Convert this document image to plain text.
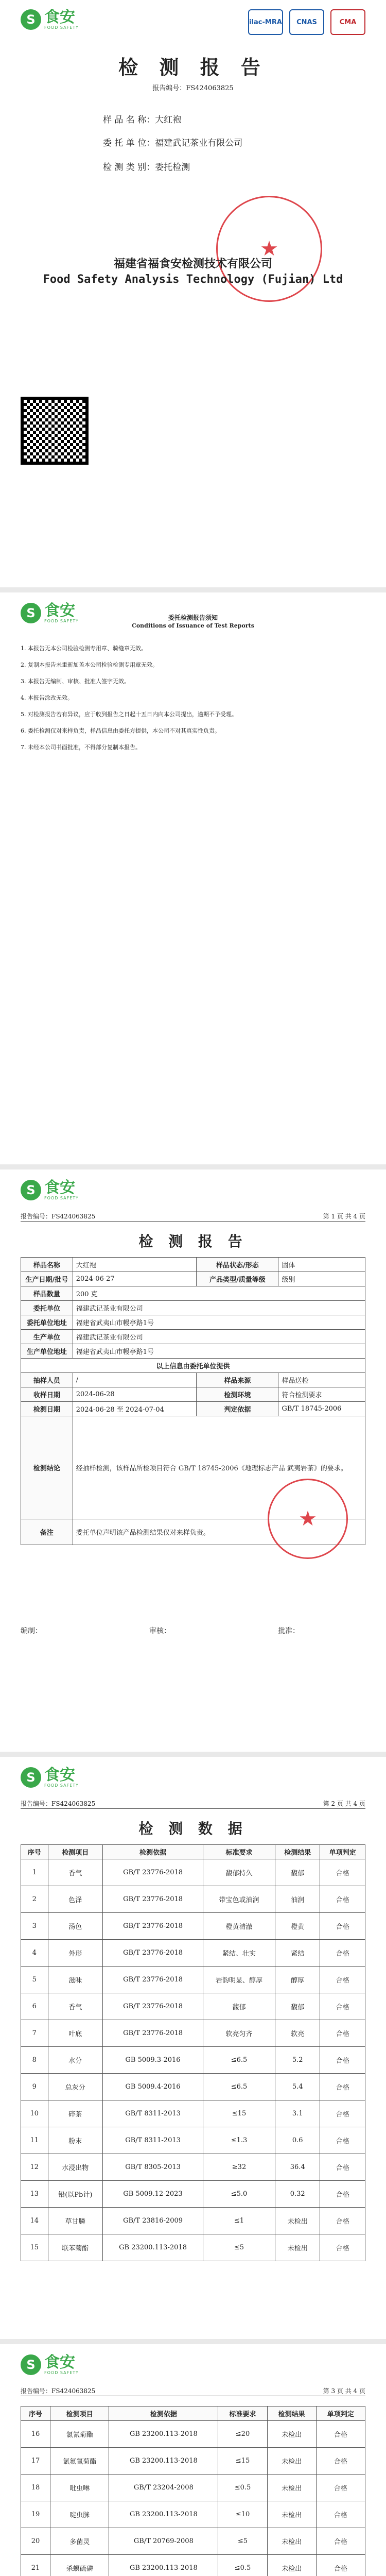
S 食安
FOOD SAFETY
ilac-MRA	CNAS	CMA
检 测 报 告
报告编号：FS424063825
样 品 名 称：大红袍
委 托 单 位：福建武记茶业有限公司
检 测 类 别：委托检测
★
福建省福食安检测技术有限公司
Food Safety Analysis Technology (Fujian) Ltd
S 食安
FOOD SAFETY	委托检测报告须知
Conditions of Issuance of Test Reports

1. 本报告无本公司检验检测专用章、骑缝章无效。

2. 复制本报告未重新加盖本公司检验检测专用章无效。

3. 本报告无编制、审核、批准人签字无效。

4. 本报告涂改无效。

5. 对检测报告若有异议，应于收到报告之日起十五日内向本公司提出，逾期不予受理。

6. 委托检测仅对来样负责，样品信息由委托方提供，本公司不对其真实性负责。

7. 未经本公司书面批准，不得部分复制本报告。

S 食安
FOOD SAFETY
报告编号：FS424063825	第 1 页 共 4 页
检 测 报 告
样品名称	大红袍	样品状态/形态	固体
生产日期/批号	2024-06-27	产品类型/质量等级	级别
样品数量	200 克		
委托单位	福建武记茶业有限公司		
委托单位地址	福建省武夷山市幔亭路1号		
生产单位	福建武记茶业有限公司		
生产单位地址	福建省武夷山市幔亭路1号		
以上信息由委托单位提供			
抽样人员	/	样品来源	样品送检
收样日期	2024-06-28	检测环境	符合检测要求
检测日期	2024-06-28 至 2024-07-04	判定依据	GB/T 18745-2006
检测结论	经抽样检测，该样品所检项目符合 GB/T 18745-2006《地理标志产品 武夷岩茶》的要求。		
备注	委托单位声明该产品检测结果仅对来样负责。		
★
编制：	审核：	批准：
S 食安
FOOD SAFETY
报告编号：FS424063825	第 2 页 共 4 页
检 测 数 据
序号	检测项目	检测依据	标准要求	检测结果	单项判定
1	香气	GB/T 23776-2018	馥郁持久	馥郁	合格
2	色泽	GB/T 23776-2018	带宝色或油润	油润	合格
3	汤色	GB/T 23776-2018	橙黄清澈	橙黄	合格
4	外形	GB/T 23776-2018	紧结、壮实	紧结	合格
5	滋味	GB/T 23776-2018	岩韵明显、醇厚	醇厚	合格
6	香气	GB/T 23776-2018	馥郁	馥郁	合格
7	叶底	GB/T 23776-2018	软亮匀齐	软亮	合格
8	水分	GB 5009.3-2016	≤6.5	5.2	合格
9	总灰分	GB 5009.4-2016	≤6.5	5.4	合格
10	碎茶	GB/T 8311-2013	≤15	3.1	合格
11	粉末	GB/T 8311-2013	≤1.3	0.6	合格
12	水浸出物	GB/T 8305-2013	≥32	36.4	合格
13	铅(以Pb计)	GB 5009.12-2023	≤5.0	0.32	合格
14	草甘膦	GB/T 23816-2009	≤1	未检出	合格
15	联苯菊酯	GB 23200.113-2018	≤5	未检出	合格
S 食安
FOOD SAFETY
报告编号：FS424063825	第 3 页 共 4 页
序号	检测项目	检测依据	标准要求	检测结果	单项判定
16	氯氰菊酯	GB 23200.113-2018	≤20	未检出	合格
17	氯氟氰菊酯	GB 23200.113-2018	≤15	未检出	合格
18	吡虫啉	GB/T 23204-2008	≤0.5	未检出	合格
19	啶虫脒	GB 23200.113-2018	≤10	未检出	合格
20	多菌灵	GB/T 20769-2008	≤5	未检出	合格
21	杀螟硫磷	GB 23200.113-2018	≤0.5	未检出	合格
